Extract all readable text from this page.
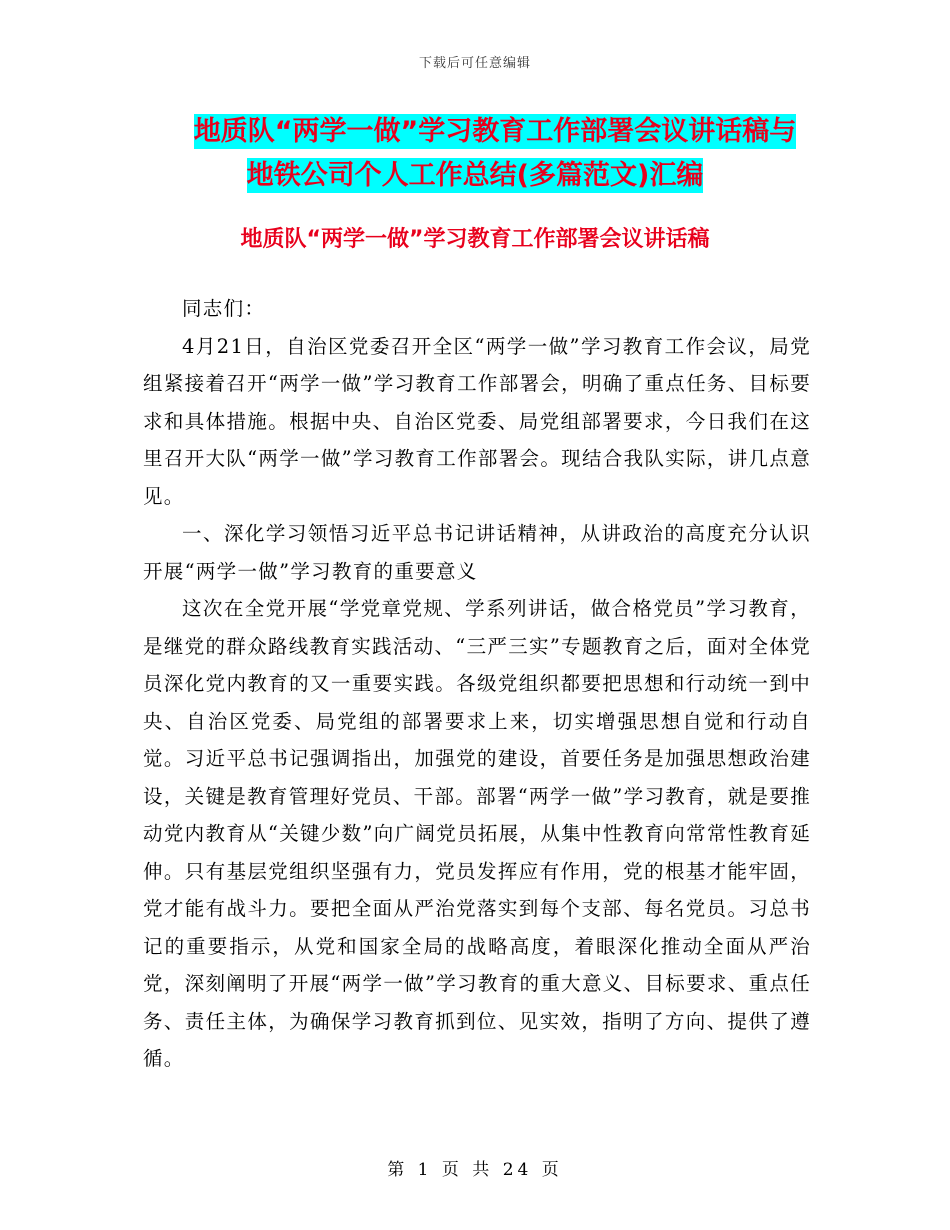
下载后可任意编辑
地质队“两学一做”学习教育工作部署会议讲话稿与
地铁公司个人工作总结(多篇范文)汇编
地质队“两学一做”学习教育工作部署会议讲话稿

同志们：

4月21日，自治区党委召开全区“两学一做”学习教育工作会议，局党组紧接着召开“两学一做”学习教育工作部署会，明确了重点任务、目标要求和具体措施。根据中央、自治区党委、局党组部署要求，今日我们在这里召开大队“两学一做”学习教育工作部署会。现结合我队实际，讲几点意见。

一、深化学习领悟习近平总书记讲话精神，从讲政治的高度充分认识开展“两学一做”学习教育的重要意义

这次在全党开展“学党章党规、学系列讲话，做合格党员”学习教育，是继党的群众路线教育实践活动、“三严三实”专题教育之后，面对全体党员深化党内教育的又一重要实践。各级党组织都要把思想和行动统一到中央、自治区党委、局党组的部署要求上来，切实增强思想自觉和行动自觉。习近平总书记强调指出，加强党的建设，首要任务是加强思想政治建设，关键是教育管理好党员、干部。部署“两学一做”学习教育，就是要推动党内教育从“关键少数”向广阔党员拓展，从集中性教育向常常性教育延伸。只有基层党组织坚强有力，党员发挥应有作用，党的根基才能牢固，党才能有战斗力。要把全面从严治党落实到每个支部、每名党员。习总书记的重要指示，从党和国家全局的战略高度，着眼深化推动全面从严治党，深刻阐明了开展“两学一做”学习教育的重大意义、目标要求、重点任务、责任主体，为确保学习教育抓到位、见实效，指明了方向、提供了遵循。

第 1 页 共 24 页
